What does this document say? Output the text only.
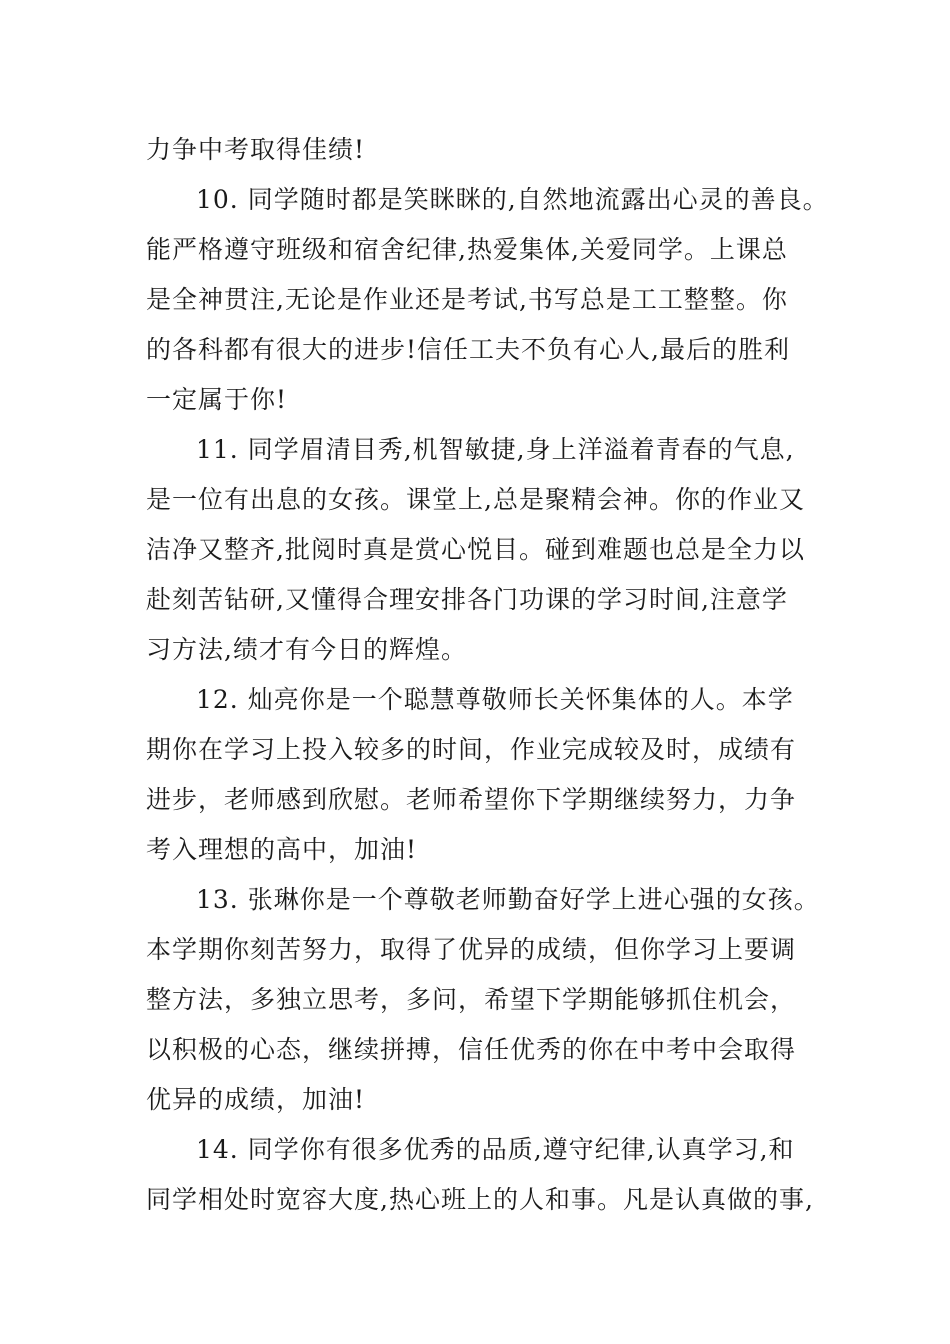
力争中考取得佳绩!
10. 同学随时都是笑眯眯的,自然地流露出心灵的善良。
能严格遵守班级和宿舍纪律,热爱集体,关爱同学。上课总
是全神贯注,无论是作业还是考试,书写总是工工整整。你
的各科都有很大的进步!信任工夫不负有心人,最后的胜利
一定属于你!
11. 同学眉清目秀,机智敏捷,身上洋溢着青春的气息,
是一位有出息的女孩。课堂上,总是聚精会神。你的作业又
洁净又整齐,批阅时真是赏心悦目。碰到难题也总是全力以
赴刻苦钻研,又懂得合理安排各门功课的学习时间,注意学
习方法,绩才有今日的辉煌。
12. 灿亮你是一个聪慧尊敬师长关怀集体的人。本学
期你在学习上投入较多的时间，作业完成较及时，成绩有
进步，老师感到欣慰。老师希望你下学期继续努力，力争
考入理想的高中，加油!
13. 张琳你是一个尊敬老师勤奋好学上进心强的女孩。
本学期你刻苦努力，取得了优异的成绩，但你学习上要调
整方法，多独立思考，多问，希望下学期能够抓住机会，
以积极的心态，继续拼搏，信任优秀的你在中考中会取得
优异的成绩，加油!
14. 同学你有很多优秀的品质,遵守纪律,认真学习,和
同学相处时宽容大度,热心班上的人和事。凡是认真做的事,
